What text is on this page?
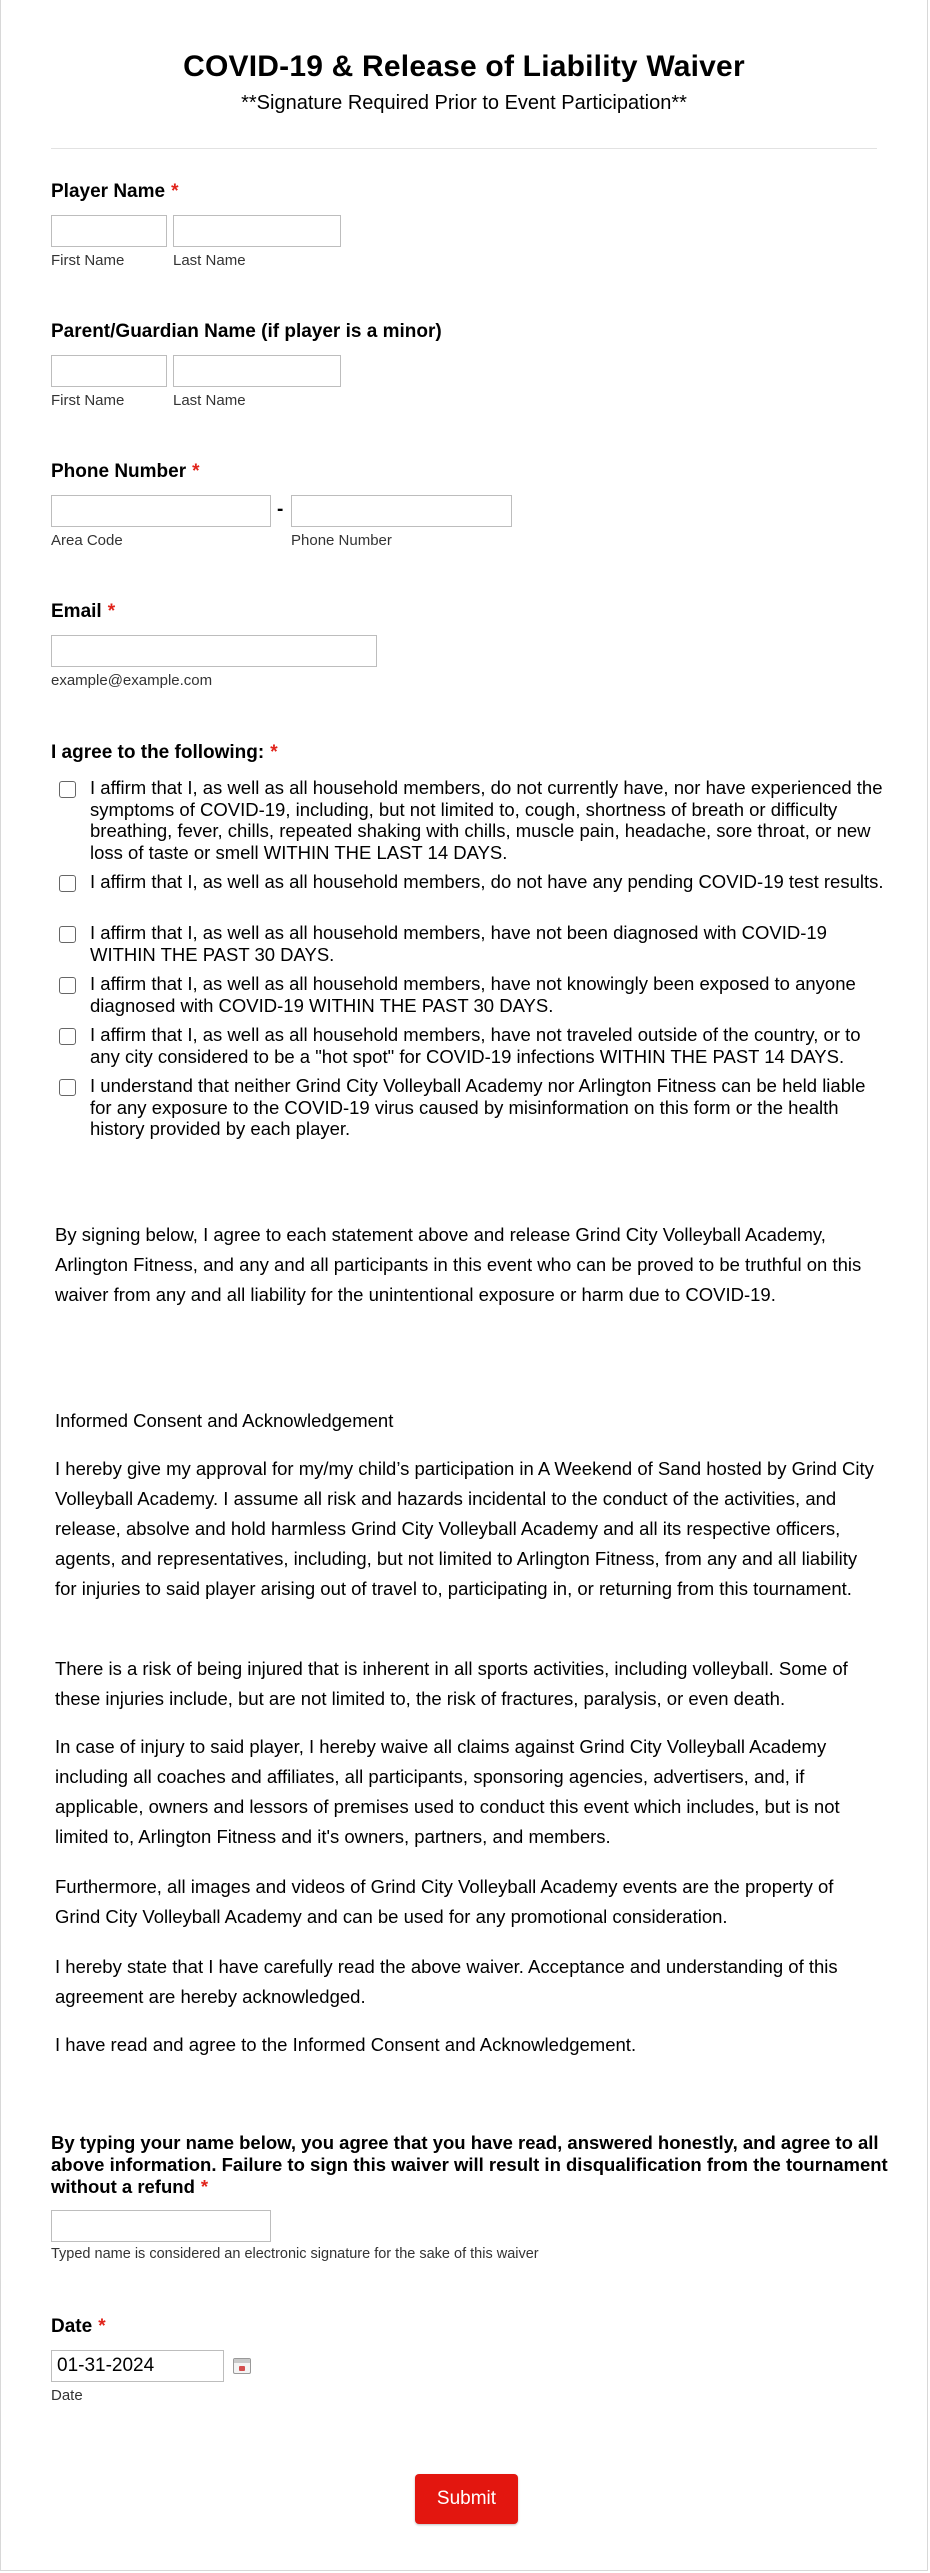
COVID-19 & Release of Liability Waiver
**Signature Required Prior to Event Participation**
Player Name *
First Name	Last Name
Parent/Guardian Name (if player is a minor)
First Name	Last Name
Phone Number *
-
Area Code	Phone Number
Email *
example@example.com
I agree to the following: *
I affirm that I, as well as all household members, do not currently have, nor have experienced the symptoms of COVID-19, including, but not limited to, cough, shortness of breath or difficulty breathing, fever, chills, repeated shaking with chills, muscle pain, headache, sore throat, or new loss of taste or smell WITHIN THE LAST 14 DAYS.
I affirm that I, as well as all household members, do not have any pending COVID-19 test results.
I affirm that I, as well as all household members, have not been diagnosed with COVID-19 WITHIN THE PAST 30 DAYS.
I affirm that I, as well as all household members, have not knowingly been exposed to anyone diagnosed with COVID-19 WITHIN THE PAST 30 DAYS.
I affirm that I, as well as all household members, have not traveled outside of the country, or to any city considered to be a "hot spot" for COVID-19 infections WITHIN THE PAST 14 DAYS.
I understand that neither Grind City Volleyball Academy nor Arlington Fitness can be held liable for any exposure to the COVID-19 virus caused by misinformation on this form or the health history provided by each player.
By signing below, I agree to each statement above and release Grind City Volleyball Academy, Arlington Fitness, and any and all participants in this event who can be proved to be truthful on this waiver from any and all liability for the unintentional exposure or harm due to COVID-19.
Informed Consent and Acknowledgement
I hereby give my approval for my/my child’s participation in A Weekend of Sand hosted by Grind City Volleyball Academy. I assume all risk and hazards incidental to the conduct of the activities, and release, absolve and hold harmless Grind City Volleyball Academy and all its respective officers, agents, and representatives, including, but not limited to Arlington Fitness, from any and all liability for injuries to said player arising out of travel to, participating in, or returning from this tournament.
There is a risk of being injured that is inherent in all sports activities, including volleyball. Some of these injuries include, but are not limited to, the risk of fractures, paralysis, or even death.
In case of injury to said player, I hereby waive all claims against Grind City Volleyball Academy including all coaches and affiliates, all participants, sponsoring agencies, advertisers, and, if applicable, owners and lessors of premises used to conduct this event which includes, but is not limited to, Arlington Fitness and it's owners, partners, and members.
Furthermore, all images and videos of Grind City Volleyball Academy events are the property of Grind City Volleyball Academy and can be used for any promotional consideration.
I hereby state that I have carefully read the above waiver. Acceptance and understanding of this agreement are hereby acknowledged.
I have read and agree to the Informed Consent and Acknowledgement.
By typing your name below, you agree that you have read, answered honestly, and agree to all above information. Failure to sign this waiver will result in disqualification from the tournament without a refund *
Typed name is considered an electronic signature for the sake of this waiver
Date *
01-31-2024
Date
Submit
